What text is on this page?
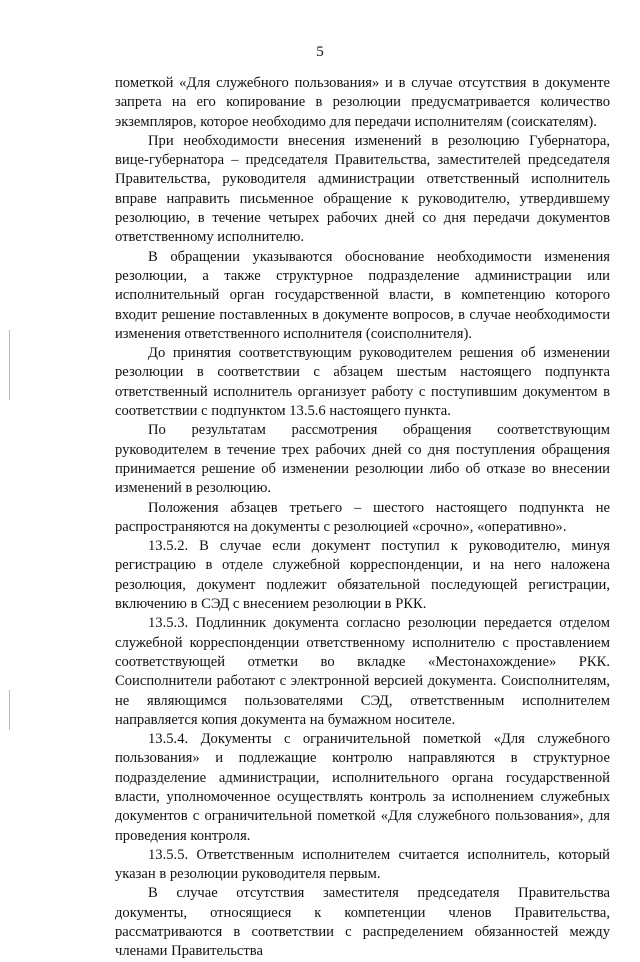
5

пометкой «Для служебного пользования» и в случае отсутствия в документе запрета на его копирование в резолюции предусматривается количество экземпляров, которое необходимо для передачи исполнителям (соискателям).

При необходимости внесения изменений в резолюцию Губернатора, вице-губернатора – председателя Правительства, заместителей председателя Правительства, руководителя администрации ответственный исполнитель вправе направить письменное обращение к руководителю, утвердившему резолюцию, в течение четырех рабочих дней со дня передачи документов ответственному исполнителю.

В обращении указываются обоснование необходимости изменения резолюции, а также структурное подразделение администрации или исполнительный орган государственной власти, в компетенцию которого входит решение поставленных в документе вопросов, в случае необходимости изменения ответственного исполнителя (соисполнителя).

До принятия соответствующим руководителем решения об изменении резолюции в соответствии с абзацем шестым настоящего подпункта ответственный исполнитель организует работу с поступившим документом в соответствии с подпунктом 13.5.6 настоящего пункта.

По результатам рассмотрения обращения соответствующим руководителем в течение трех рабочих дней со дня поступления обращения принимается решение об изменении резолюции либо об отказе во внесении изменений в резолюцию.

Положения абзацев третьего – шестого настоящего подпункта не распространяются на документы с резолюцией «срочно», «оперативно».

13.5.2. В случае если документ поступил к руководителю, минуя регистрацию в отделе служебной корреспонденции, и на него наложена резолюция, документ подлежит обязательной последующей регистрации, включению в СЭД с внесением резолюции в РКК.

13.5.3. Подлинник документа согласно резолюции передается отделом служебной корреспонденции ответственному исполнителю с проставлением соответствующей отметки во вкладке «Местонахождение» РКК. Соисполнители работают с электронной версией документа. Соисполнителям, не являющимся пользователями СЭД, ответственным исполнителем направляется копия документа на бумажном носителе.

13.5.4. Документы с ограничительной пометкой «Для служебного пользования» и подлежащие контролю направляются в структурное подразделение администрации, исполнительного органа государственной власти, уполномоченное осуществлять контроль за исполнением служебных документов с ограничительной пометкой «Для служебного пользования», для проведения контроля.

13.5.5. Ответственным исполнителем считается исполнитель, который указан в резолюции руководителя первым.

В случае отсутствия заместителя председателя Правительства документы, относящиеся к компетенции членов Правительства, рассматриваются в соответствии с распределением обязанностей между членами Правительства
